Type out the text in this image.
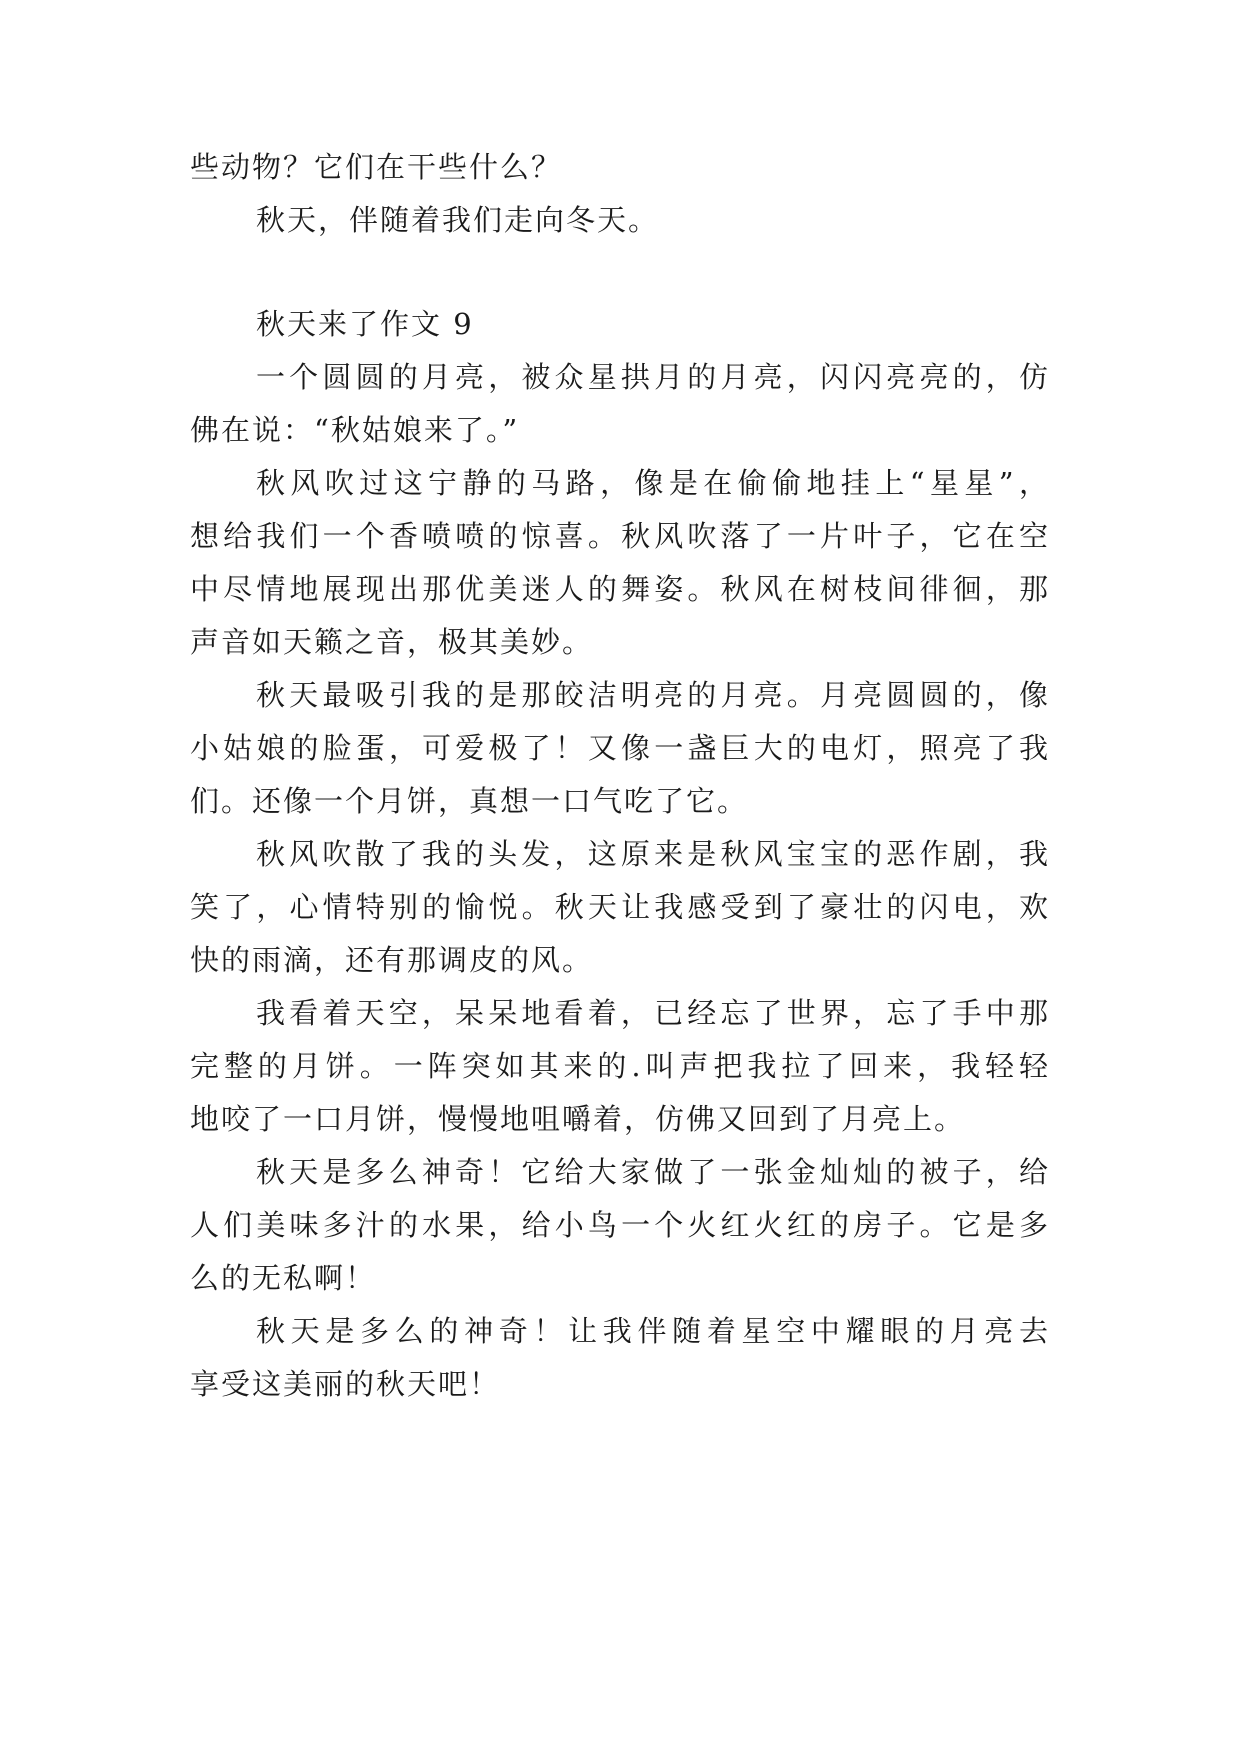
些动物？它们在干些什么？
秋天，伴随着我们走向冬天。
秋天来了作文 9
一个圆圆的月亮，被众星拱月的月亮，闪闪亮亮的，仿
佛在说：“秋姑娘来了。”
秋风吹过这宁静的马路，像是在偷偷地挂上“星星”，
想给我们一个香喷喷的惊喜。秋风吹落了一片叶子，它在空
中尽情地展现出那优美迷人的舞姿。秋风在树枝间徘徊，那
声音如天籁之音，极其美妙。
秋天最吸引我的是那皎洁明亮的月亮。月亮圆圆的，像
小姑娘的脸蛋，可爱极了！又像一盏巨大的电灯，照亮了我
们。还像一个月饼，真想一口气吃了它。
秋风吹散了我的头发，这原来是秋风宝宝的恶作剧，我
笑了，心情特别的愉悦。秋天让我感受到了豪壮的闪电，欢
快的雨滴，还有那调皮的风。
我看着天空，呆呆地看着，已经忘了世界，忘了手中那
完整的月饼。一阵突如其来的.叫声把我拉了回来，我轻轻
地咬了一口月饼，慢慢地咀嚼着，仿佛又回到了月亮上。
秋天是多么神奇！它给大家做了一张金灿灿的被子，给
人们美味多汁的水果，给小鸟一个火红火红的房子。它是多
么的无私啊！
秋天是多么的神奇！让我伴随着星空中耀眼的月亮去
享受这美丽的秋天吧！
